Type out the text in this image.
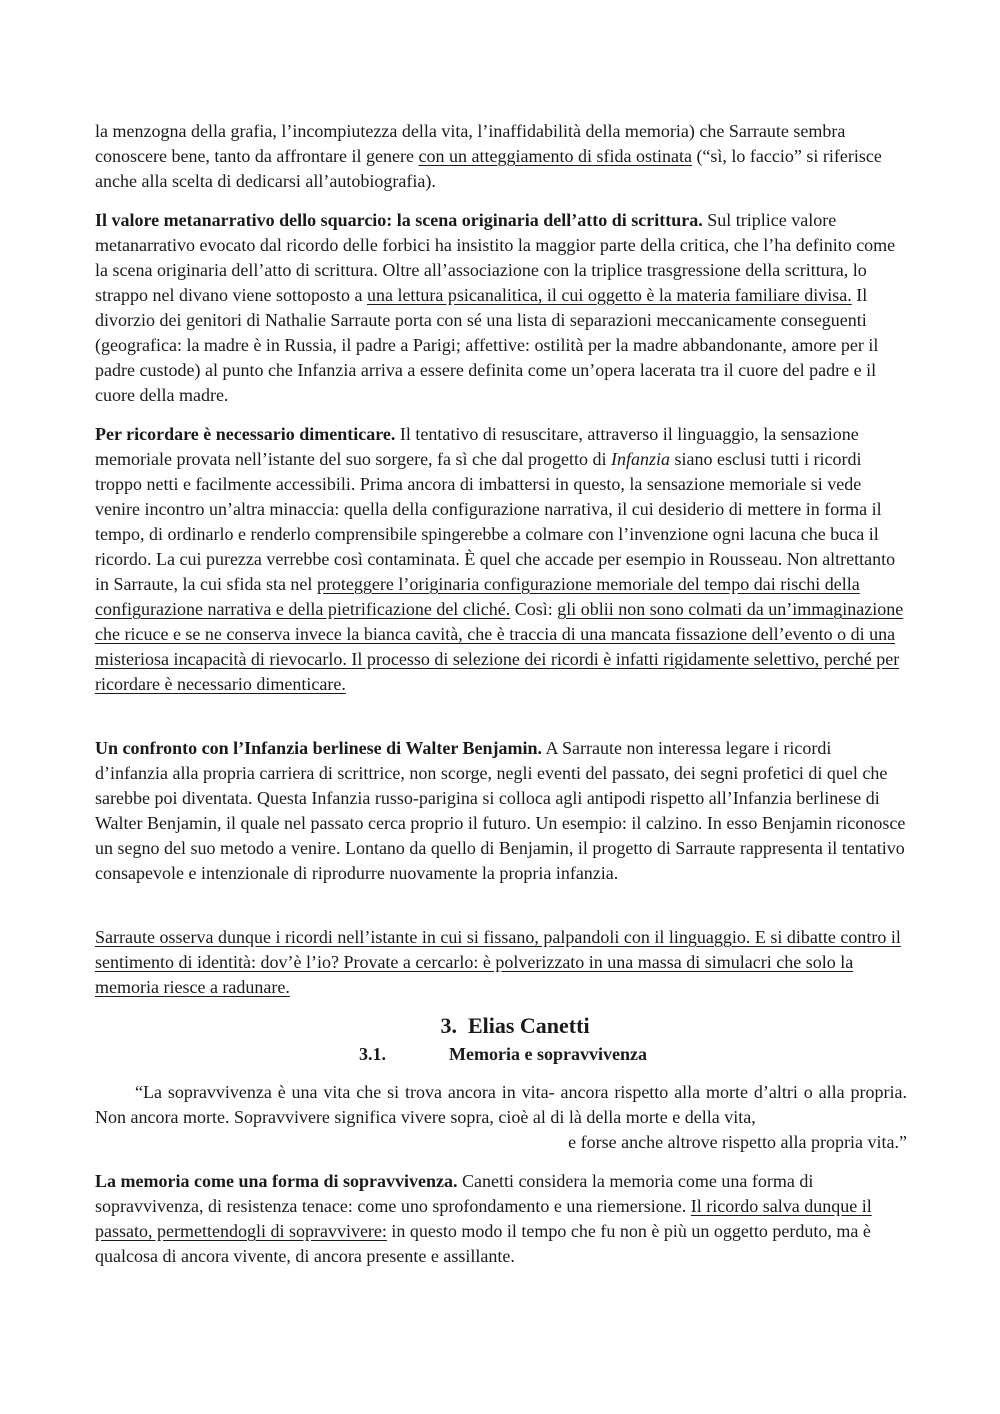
la menzogna della grafia, l’incompiutezza della vita, l’inaffidabilità della memoria) che Sarraute sembra conoscere bene, tanto da affrontare il genere con un atteggiamento di sfida ostinata (“sì, lo faccio” si riferisce anche alla scelta di dedicarsi all’autobiografia).

Il valore metanarrativo dello squarcio: la scena originaria dell’atto di scrittura. Sul triplice valore metanarrativo evocato dal ricordo delle forbici ha insistito la maggior parte della critica, che l’ha definito come la scena originaria dell’atto di scrittura. Oltre all’associazione con la triplice trasgressione della scrittura, lo strappo nel divano viene sottoposto a una lettura psicanalitica, il cui oggetto è la materia familiare divisa. Il divorzio dei genitori di Nathalie Sarraute porta con sé una lista di separazioni meccanicamente conseguenti (geografica: la madre è in Russia, il padre a Parigi; affettive: ostilità per la madre abbandonante, amore per il padre custode) al punto che Infanzia arriva a essere definita come un’opera lacerata tra il cuore del padre e il cuore della madre.

Per ricordare è necessario dimenticare. Il tentativo di resuscitare, attraverso il linguaggio, la sensazione memoriale provata nell’istante del suo sorgere, fa sì che dal progetto di Infanzia siano esclusi tutti i ricordi troppo netti e facilmente accessibili. Prima ancora di imbattersi in questo, la sensazione memoriale si vede venire incontro un’altra minaccia: quella della configurazione narrativa, il cui desiderio di mettere in forma il tempo, di ordinarlo e renderlo comprensibile spingerebbe a colmare con l’invenzione ogni lacuna che buca il ricordo. La cui purezza verrebbe così contaminata. È quel che accade per esempio in Rousseau. Non altrettanto in Sarraute, la cui sfida sta nel proteggere l’originaria configurazione memoriale del tempo dai rischi della configurazione narrativa e della pietrificazione del cliché. Così: gli oblii non sono colmati da un’immaginazione che ricuce e se ne conserva invece la bianca cavità, che è traccia di una mancata fissazione dell’evento o di una misteriosa incapacità di rievocarlo. Il processo di selezione dei ricordi è infatti rigidamente selettivo, perché per ricordare è necessario dimenticare.

Un confronto con l’Infanzia berlinese di Walter Benjamin. A Sarraute non interessa legare i ricordi d’infanzia alla propria carriera di scrittrice, non scorge, negli eventi del passato, dei segni profetici di quel che sarebbe poi diventata. Questa Infanzia russo-parigina si colloca agli antipodi rispetto all’Infanzia berlinese di Walter Benjamin, il quale nel passato cerca proprio il futuro. Un esempio: il calzino. In esso Benjamin riconosce un segno del suo metodo a venire. Lontano da quello di Benjamin, il progetto di Sarraute rappresenta il tentativo consapevole e intenzionale di riprodurre nuovamente la propria infanzia.

Sarraute osserva dunque i ricordi nell’istante in cui si fissano, palpandoli con il linguaggio. E si dibatte contro il sentimento di identità: dov’è l’io? Provate a cercarlo: è polverizzato in una massa di simulacri che solo la memoria riesce a radunare.

3. Elias Canetti
3.1.	Memoria e sopravvivenza
“La sopravvivenza è una vita che si trova ancora in vita- ancora rispetto alla morte d’altri o alla propria. Non ancora morte. Sopravvivere significa vivere sopra, cioè al di là della morte e della vita,
e forse anche altrove rispetto alla propria vita.”

La memoria come una forma di sopravvivenza. Canetti considera la memoria come una forma di sopravvivenza, di resistenza tenace: come uno sprofondamento e una riemersione. Il ricordo salva dunque il passato, permettendogli di sopravvivere: in questo modo il tempo che fu non è più un oggetto perduto, ma è qualcosa di ancora vivente, di ancora presente e assillante.
